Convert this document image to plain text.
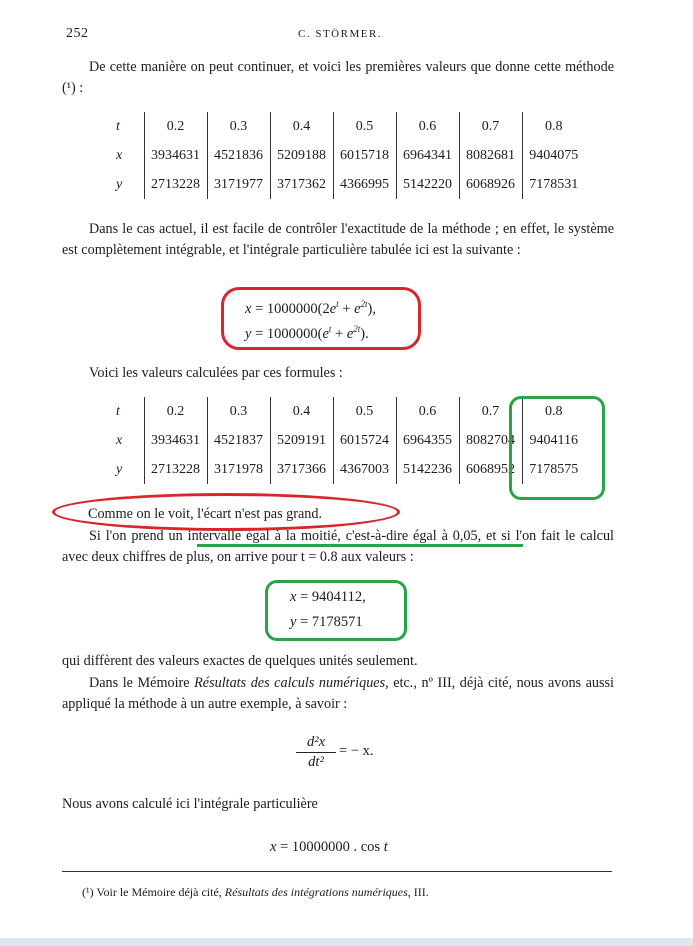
252	C. STÖRMER.
De cette manière on peut continuer, et voici les premières valeurs que donne cette méthode (¹) :
t	0.2	0.3	0.4	0.5	0.6	0.7	0.8
x	3934631	4521836	5209188	6015718	6964341	8082681	9404075
y	2713228	3171977	3717362	4366995	5142220	6068926	7178531
Dans le cas actuel, il est facile de contrôler l'exactitude de la méthode ; en effet, le système est complètement intégrable, et l'intégrale particulière tabulée ici est la suivante :
$x = 1000000(2e^t + e^{2t})$,
$y = 1000000(e^t + e^{2t})$.
Voici les valeurs calculées par ces formules :
t	0.2	0.3	0.4	0.5	0.6	0.7	0.8
x	3934631	4521837	5209191	6015724	6964355	8082704	9404116
y	2713228	3171978	3717366	4367003	5142236	6068952	7178575
Comme on le voit, l'écart n'est pas grand.
Si l'on prend un intervalle égal à la moitié, c'est-à-dire égal à 0,05, et si l'on fait le calcul avec deux chiffres de plus, on arrive pour t = 0.8 aux valeurs :
x = 9404112,
y = 7178571
qui diffèrent des valeurs exactes de quelques unités seulement.
Dans le Mémoire Résultats des calculs numériques, etc., nº III, déjà cité, nous avons aussi appliqué la méthode à un autre exemple, à savoir :
$\frac{\text{d²x}}{\text{dt²}}$ = − x.
Nous avons calculé ici l'intégrale particulière
x = 10000000 . cos t
(¹) Voir le Mémoire déjà cité, Résultats des intégrations numériques, III.
